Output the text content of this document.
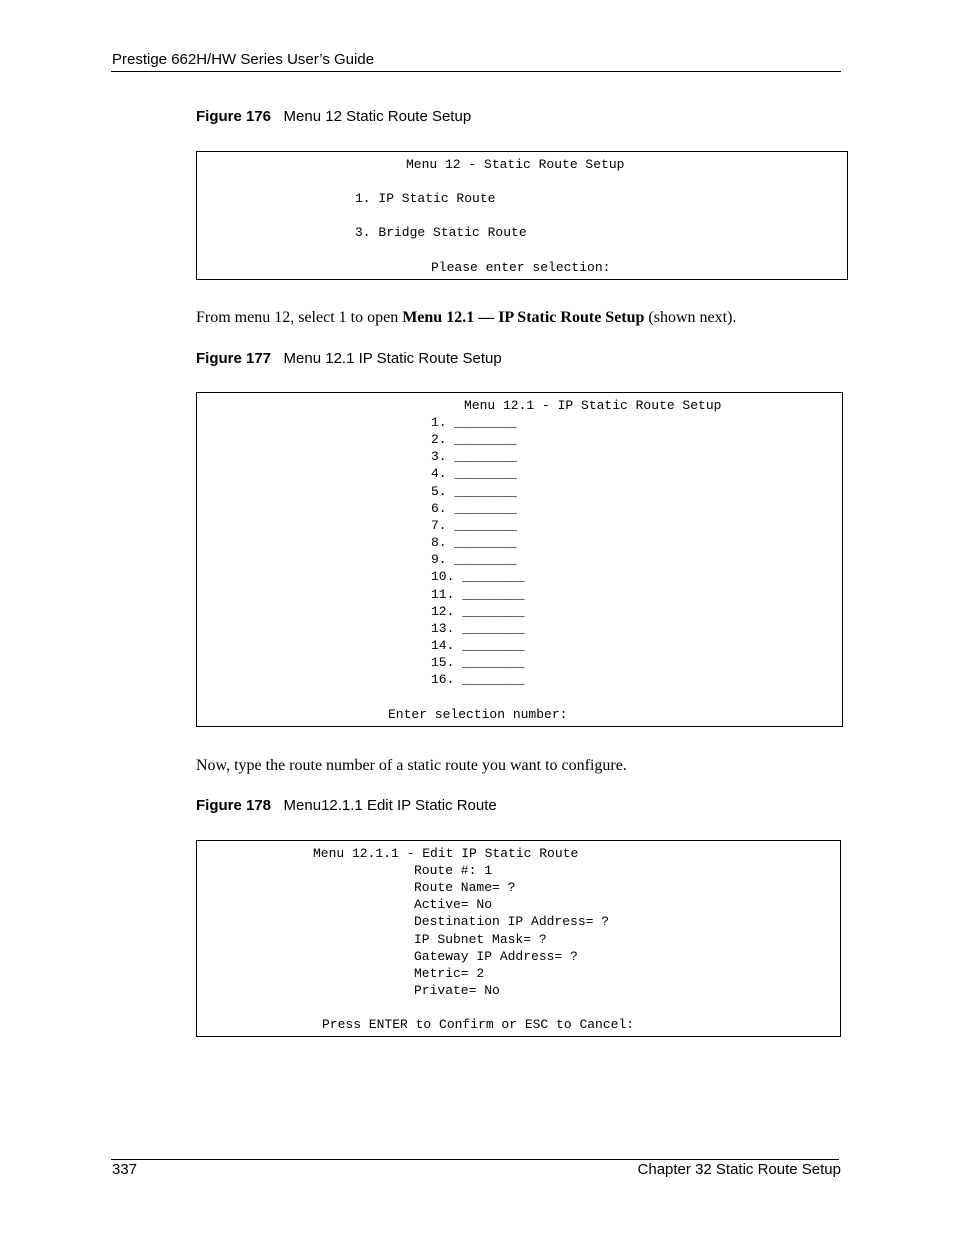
Prestige 662H/HW Series User’s Guide
Figure 176 Menu 12 Static Route Setup
Menu 12 - Static Route Setup
1. IP Static Route
3. Bridge Static Route
Please enter selection:
From menu 12, select 1 to open Menu 12.1 — IP Static Route Setup (shown next).
Figure 177 Menu 12.1 IP Static Route Setup
Menu 12.1 - IP Static Route Setup
1. ________
2. ________
3. ________
4. ________
5. ________
6. ________
7. ________
8. ________
9. ________
10. ________
11. ________
12. ________
13. ________
14. ________
15. ________
16. ________
Enter selection number:
Now, type the route number of a static route you want to configure.
Figure 178 Menu12.1.1 Edit IP Static Route
Menu 12.1.1 - Edit IP Static Route
Route #: 1
Route Name= ?
Active= No
Destination IP Address= ?
IP Subnet Mask= ?
Gateway IP Address= ?
Metric= 2
Private= No
Press ENTER to Confirm or ESC to Cancel:
337	Chapter 32 Static Route Setup
